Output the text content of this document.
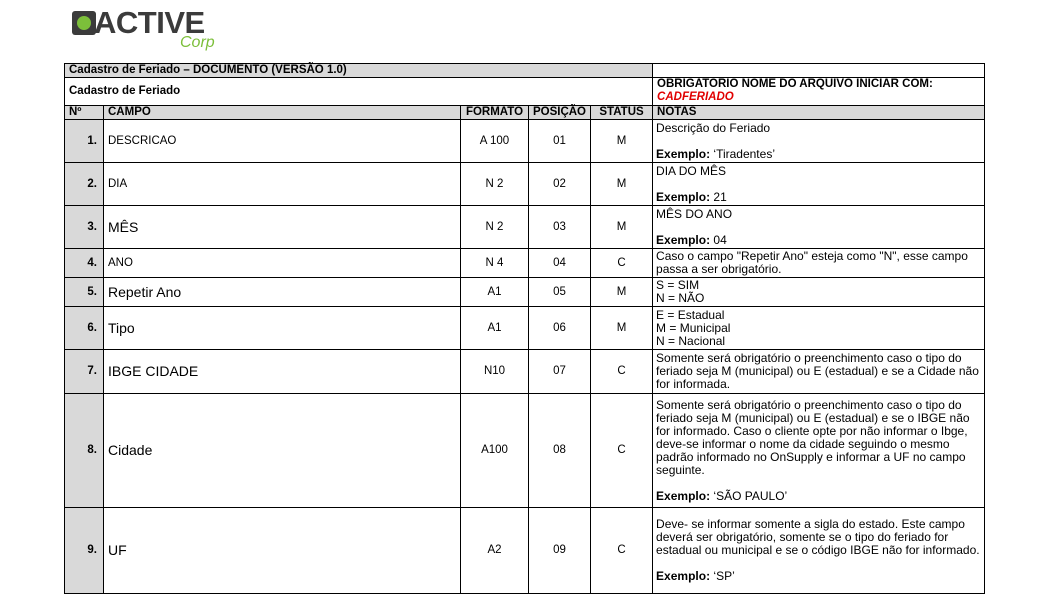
ACTIVE
Corp
Cadastro de Feriado – DOCUMENTO (VERSÃO 1.0)					
Cadastro de Feriado					OBRIGATORIO NOME DO ARQUIVO INICIAR COM:
CADFERIADO
Nº	CAMPO	FORMATO	POSIÇÃO	STATUS	NOTAS
1.	DESCRICAO	A 100	01	M	Descrição do Feriado
Exemplo: ‘Tiradentes’

2.	DIA	N 2	02	M	DIA DO MÊS
Exemplo: 21

3.	MÊS	N 2	03	M	MÊS DO ANO
Exemplo: 04

4.	ANO	N 4	04	C	Caso o campo "Repetir Ano" esteja como "N", esse campo passa a ser obrigatório.

5.	Repetir Ano	A1	05	M	S = SIM
N = NÃO

6.	Tipo	A1	06	M	E = Estadual
M = Municipal
N = Nacional

7.	IBGE CIDADE	N10	07	C	Somente será obrigatório o preenchimento caso o tipo do feriado seja M (municipal) ou E (estadual) e se a Cidade não for informada.

8.	Cidade	A100	08	C	Somente será obrigatório o preenchimento caso o tipo do feriado seja M (municipal) ou E (estadual) e se o IBGE não for informado. Caso o cliente opte por não informar o Ibge, deve-se informar o nome da cidade seguindo o mesmo padrão informado no OnSupply e informar a UF no campo seguinte.
Exemplo: ‘SÃO PAULO’

9.	UF	A2	09	C	Deve- se informar somente a sigla do estado. Este campo deverá ser obrigatório, somente se o tipo do feriado for estadual ou municipal e se o código IBGE não for informado.
Exemplo: ‘SP’
